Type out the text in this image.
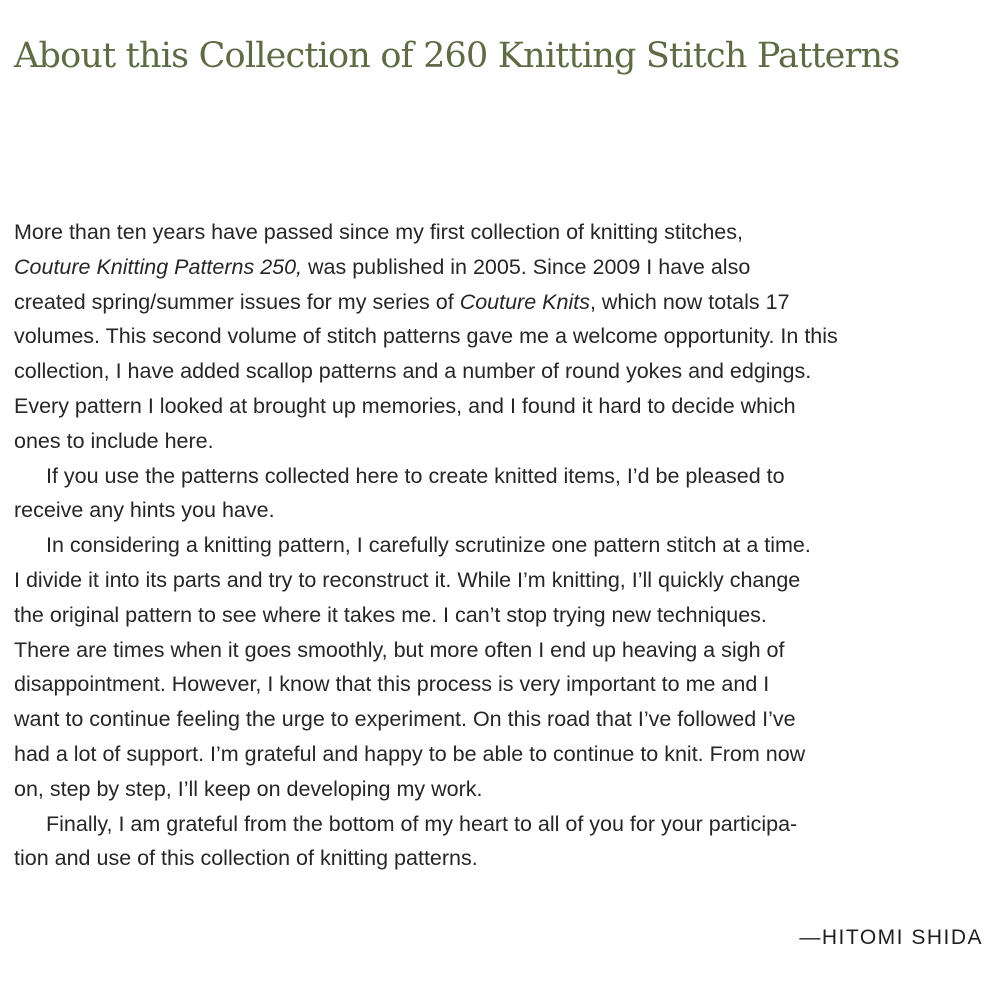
About this Collection of 260 Knitting Stitch Patterns
More than ten years have passed since my first collection of knitting stitches,
Couture Knitting Patterns 250, was published in 2005. Since 2009 I have also
created spring/summer issues for my series of Couture Knits, which now totals 17
volumes. This second volume of stitch patterns gave me a welcome opportunity. In this
collection, I have added scallop patterns and a number of round yokes and edgings.
Every pattern I looked at brought up memories, and I found it hard to decide which
ones to include here.
If you use the patterns collected here to create knitted items, I’d be pleased to
receive any hints you have.
In considering a knitting pattern, I carefully scrutinize one pattern stitch at a time.
I divide it into its parts and try to reconstruct it. While I’m knitting, I’ll quickly change
the original pattern to see where it takes me. I can’t stop trying new techniques.
There are times when it goes smoothly, but more often I end up heaving a sigh of
disappointment. However, I know that this process is very important to me and I
want to continue feeling the urge to experiment. On this road that I’ve followed I’ve
had a lot of support. I’m grateful and happy to be able to continue to knit. From now
on, step by step, I’ll keep on developing my work.
Finally, I am grateful from the bottom of my heart to all of you for your participa-
tion and use of this collection of knitting patterns.
—HITOMI SHIDA
